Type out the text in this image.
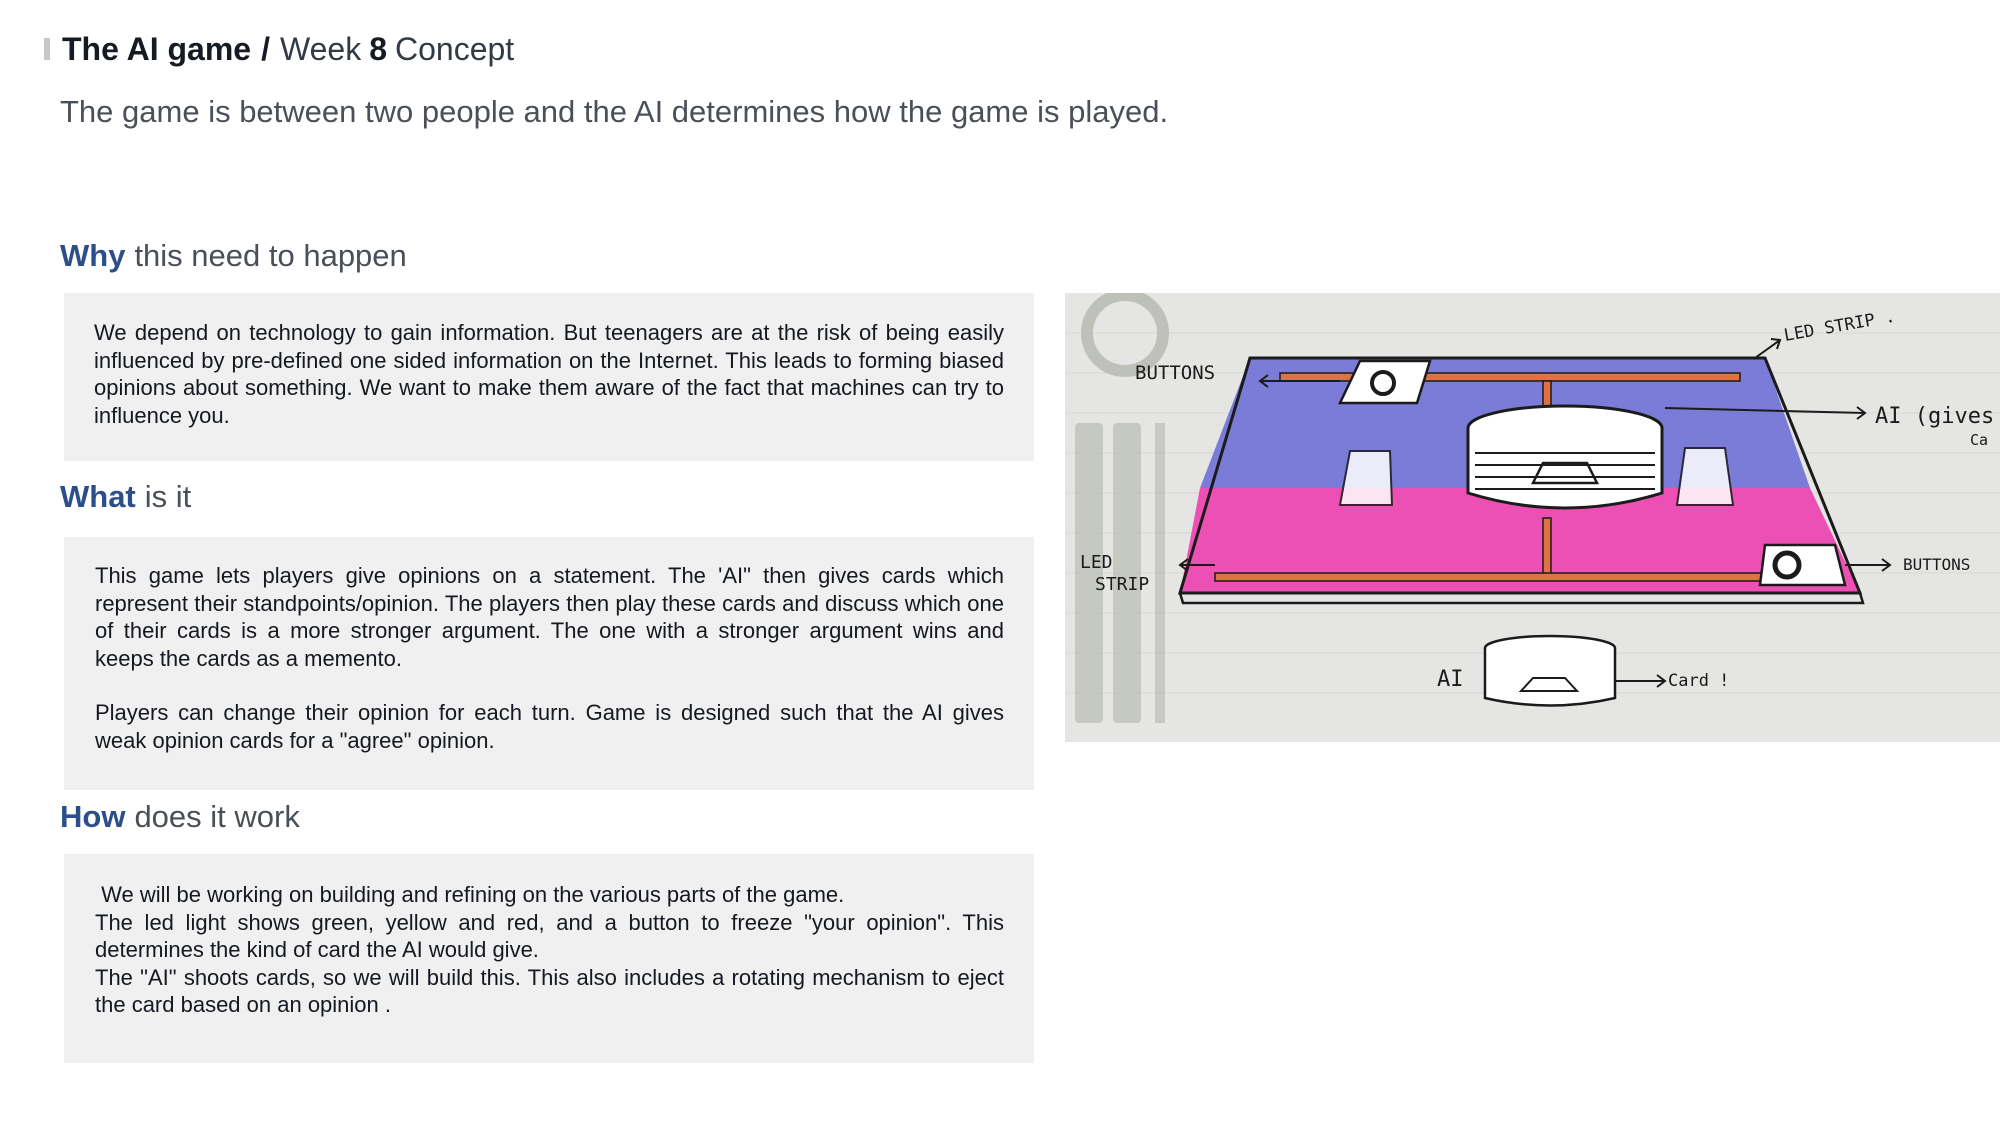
The AI game / Week 8 Concept
The game is between two people and the AI determines how the game is played.
Why this need to happen

We depend on technology to gain information. But teenagers are at the risk of being easily influenced by pre-defined one sided information on the Internet. This leads to forming biased opinions about something. We want to make them aware of the fact that machines can try to influence you.

What is it

This game lets players give opinions on a statement. The 'AI" then gives cards which represent their standpoints/opinion. The players then play these cards and discuss which one of their cards is a more stronger argument. The one with a stronger argument wins and keeps the cards as a memento.

Players can change their opinion for each turn. Game is designed such that the AI gives weak opinion cards for a "agree" opinion.

How does it work

We will be working on building and refining on the various parts of the game.

The led light shows green, yellow and red, and a button to freeze "your opinion". This determines the kind of card the AI would give.

The "AI" shoots cards, so we will build this. This also includes a rotating mechanism to eject the card based on an opinion .

BUTTONS
LED STRIP .
AI (gives
Ca
LED
STRIP
BUTTONS
AI	Card !
